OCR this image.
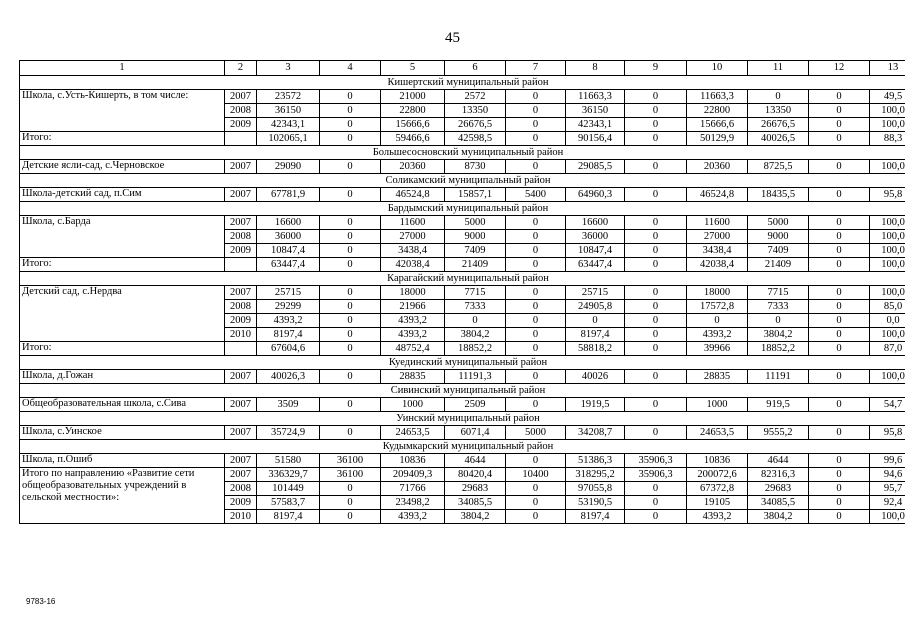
45
1	2	3	4	5	6	7	8	9	10	11	12	13
Кишертский муниципальный район												
Школа, с.Усть-Кишерть, в том числе:	2007	23572	0	21000	2572	0	11663,3	0	11663,3	0	0	49,5
	2008	36150	0	22800	13350	0	36150	0	22800	13350	0	100,0
	2009	42343,1	0	15666,6	26676,5	0	42343,1	0	15666,6	26676,5	0	100,0
Итого:		102065,1	0	59466,6	42598,5	0	90156,4	0	50129,9	40026,5	0	88,3
Большесосновский муниципальный район												
Детские ясли-сад, с.Черновское	2007	29090	0	20360	8730	0	29085,5	0	20360	8725,5	0	100,0
Соликамский муниципальный район												
Школа-детский сад, п.Сим	2007	67781,9	0	46524,8	15857,1	5400	64960,3	0	46524,8	18435,5	0	95,8
Бардымский муниципальный район												
Школа, с.Барда	2007	16600	0	11600	5000	0	16600	0	11600	5000	0	100,0
	2008	36000	0	27000	9000	0	36000	0	27000	9000	0	100,0
	2009	10847,4	0	3438,4	7409	0	10847,4	0	3438,4	7409	0	100,0
Итого:		63447,4	0	42038,4	21409	0	63447,4	0	42038,4	21409	0	100,0
Карагайский муниципальный район												
Детский сад, с.Нердва	2007	25715	0	18000	7715	0	25715	0	18000	7715	0	100,0
	2008	29299	0	21966	7333	0	24905,8	0	17572,8	7333	0	85,0
	2009	4393,2	0	4393,2	0	0	0	0	0	0	0	0,0
	2010	8197,4	0	4393,2	3804,2	0	8197,4	0	4393,2	3804,2	0	100,0
Итого:		67604,6	0	48752,4	18852,2	0	58818,2	0	39966	18852,2	0	87,0
Куединский муниципальный район												
Школа, д.Гожан	2007	40026,3	0	28835	11191,3	0	40026	0	28835	11191	0	100,0
Сивинский муниципальный район												
Общеобразовательная школа, с.Сива	2007	3509	0	1000	2509	0	1919,5	0	1000	919,5	0	54,7
Уинский муниципальный район												
Школа, с.Уинское	2007	35724,9	0	24653,5	6071,4	5000	34208,7	0	24653,5	9555,2	0	95,8
Кудымкарский муниципальный район												
Школа, п.Ошиб	2007	51580	36100	10836	4644	0	51386,3	35906,3	10836	4644	0	99,6
Итого по направлению «Развитие сети общеобразовательных учреждений в сельской местности»:	2007	336329,7	36100	209409,3	80420,4	10400	318295,2	35906,3	200072,6	82316,3	0	94,6
	2008	101449	0	71766	29683	0	97055,8	0	67372,8	29683	0	95,7
	2009	57583,7	0	23498,2	34085,5	0	53190,5	0	19105	34085,5	0	92,4
	2010	8197,4	0	4393,2	3804,2	0	8197,4	0	4393,2	3804,2	0	100,0
9783-16
